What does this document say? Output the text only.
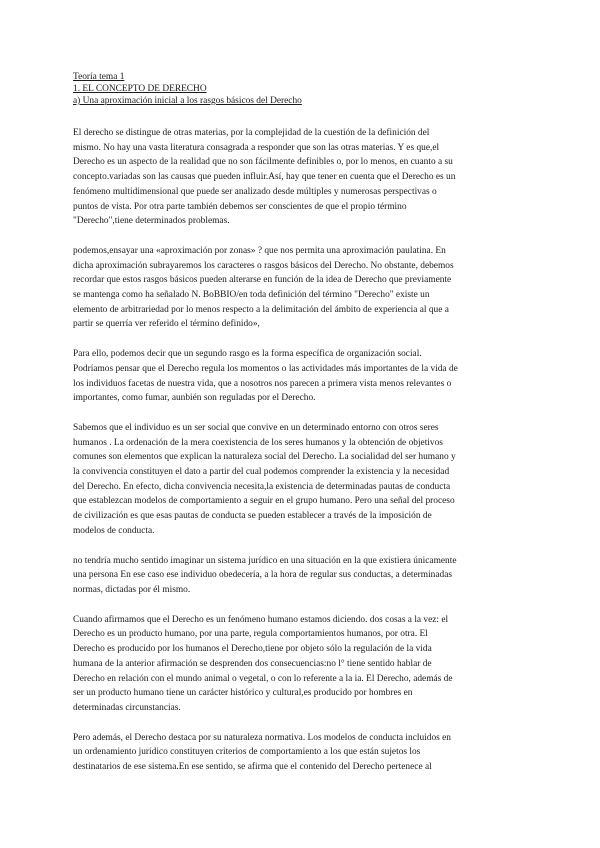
Teoría tema 1
1. EL CONCEPTO DE DERECHO
a) Una aproximación inicial a los rasgos básicos del Derecho

El derecho se distingue de otras materias, por la complejidad de la cuestión de la definición del
mismo. No hay una vasta literatura consagrada a responder que son las otras materias. Y es que,el
Derecho es un aspecto de la realidad que no son fácilmente definibles o, por lo menos, en cuanto a su
concepto.variadas son las causas que pueden influir.Así, hay que tener en cuenta que el Derecho es un
fenómeno multidimensional que puede ser analizado desde múltiples y numerosas perspectivas o
puntos de vista. Por otra parte también debemos ser conscientes de que el propio término
"Derecho",tiene determinados problemas.

podemos,ensayar una «aproximación por zonas» ? que nos permita una aproximación paulatina. En
dicha aproximación subrayaremos los caracteres o rasgos básicos del Derecho. No obstante, debemos
recordar que estos rasgos básicos pueden alterarse en función de la idea de Derecho que previamente
se mantenga como ha señalado N. BoBBIO/en toda definición del término "Derecho" existe un
elemento de arbitrariedad por lo menos respecto a la delimitación del ámbito de experiencia al que a
partir se querría ver referido el término definido»,

Para ello, podemos decir que un segundo rasgo es la forma específica de organización social.
Podríamos pensar que el Derecho regula los momentos o las actividades más importantes de la vida de
los individuos facetas de nuestra vida, que a nosotros nos parecen a primera vista menos relevantes o
importantes, como fumar, aunbién son reguladas por el Derecho.

Sabemos que el individuo es un ser social que convive en un determinado entorno con otros seres
humanos . La ordenación de la mera coexistencia de los seres humanos y la obtención de objetivos
comunes son elementos que explican la naturaleza social del Derecho. La socialidad del ser humano y
la convivencia constituyen el dato a partir del cual podemos comprender la existencia y la necesidad
del Derecho. En efecto, dicha convivencia necesita,la existencia de determinadas pautas de conducta
que establezcan modelos de comportamiento a seguir en el grupo humano. Pero una señal del proceso
de civilización es que esas pautas de conducta se pueden establecer a través de la imposición de
modelos de conducta.

no tendría mucho sentido imaginar un sistema jurídico en una situación en la que existiera únicamente
una persona En ese caso ese individuo obedecería, a la hora de regular sus conductas, a determinadas
normas, dictadas por él mismo.

Cuando afirmamos que el Derecho es un fenómeno humano estamos diciendo. dos cosas a la vez: el
Derecho es un producto humano, por una parte, regula comportamientos humanos, por otra. El
Derecho es producido por los humanos el Derecho,tiene por objeto sólo la regulación de la vida
humana de la anterior afirmación se desprenden dos consecuencias:no l° tiene sentido hablar de
Derecho en relación con el mundo animal o vegetal, o con lo referente a la ia. El Derecho, además de
ser un producto humano tiene un carácter histórico y cultural,es producido por hombres en
determinadas circunstancias.

Pero además, el Derecho destaca por su naturaleza normativa. Los modelos de conducta incluidos en
un ordenamiento jurídico constituyen criterios de comportamiento a los que están sujetos los
destinatarios de ese sistema.En ese sentido, se afirma que el contenido del Derecho pertenece al
